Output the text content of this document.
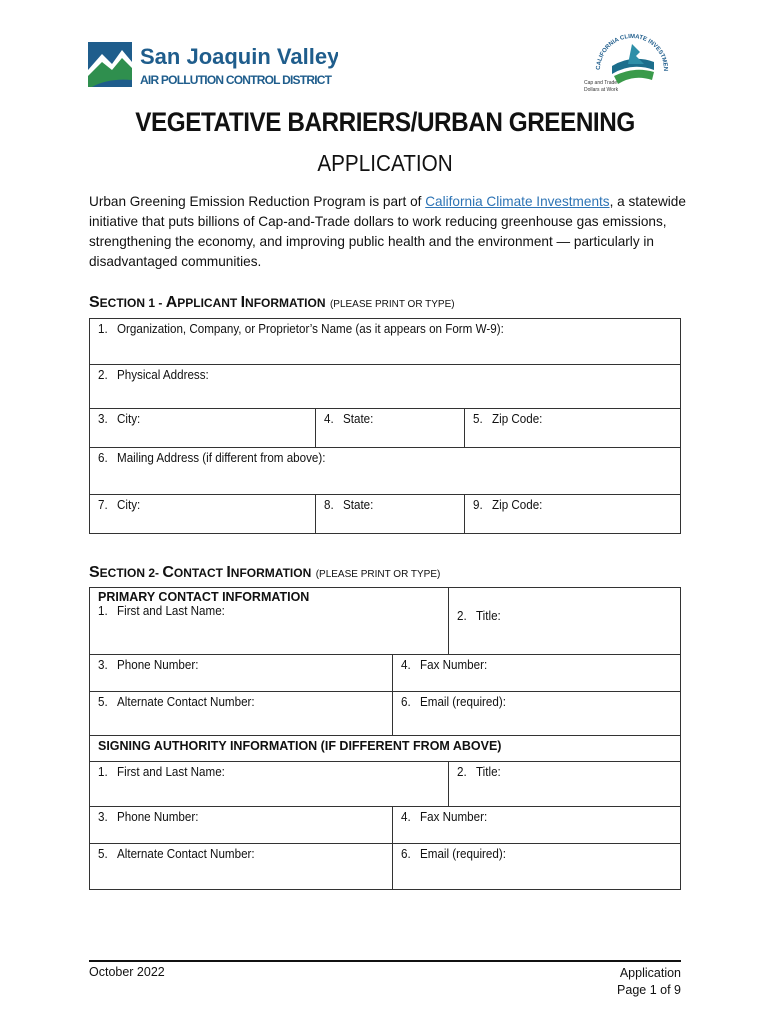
San Joaquin Valley
AIR POLLUTION CONTROL DISTRICT
CALIFORNIA CLIMATE INVESTMEN
Cap and Trade
Dollars at Work
VEGETATIVE BARRIERS/URBAN GREENING
APPLICATION
Urban Greening Emission Reduction Program is part of California Climate Investments, a statewide initiative that puts billions of Cap-and-Trade dollars to work reducing greenhouse gas emissions, strengthening the economy, and improving public health and the environment — particularly in disadvantaged communities.
SECTION 1 - APPLICANT INFORMATION (PLEASE PRINT OR TYPE)
1. Organization, Company, or Proprietor’s Name (as it appears on Form W-9):		
2. Physical Address:		
3. City:	4. State:	5. Zip Code:
6. Mailing Address (if different from above):		
7. City:	8. State:	9. Zip Code:
SECTION 2- CONTACT INFORMATION (PLEASE PRINT OR TYPE)
PRIMARY CONTACT INFORMATION
1. First and Last Name:		2. Title:
3. Phone Number:	4. Fax Number:	
5. Alternate Contact Number:	6. Email (required):	

SIGNING AUTHORITY INFORMATION (IF DIFFERENT FROM ABOVE)		

1. First and Last Name:		2. Title:
3. Phone Number:	4. Fax Number:	
5. Alternate Contact Number:	6. Email (required):	
October 2022	Application
Page 1 of 9
